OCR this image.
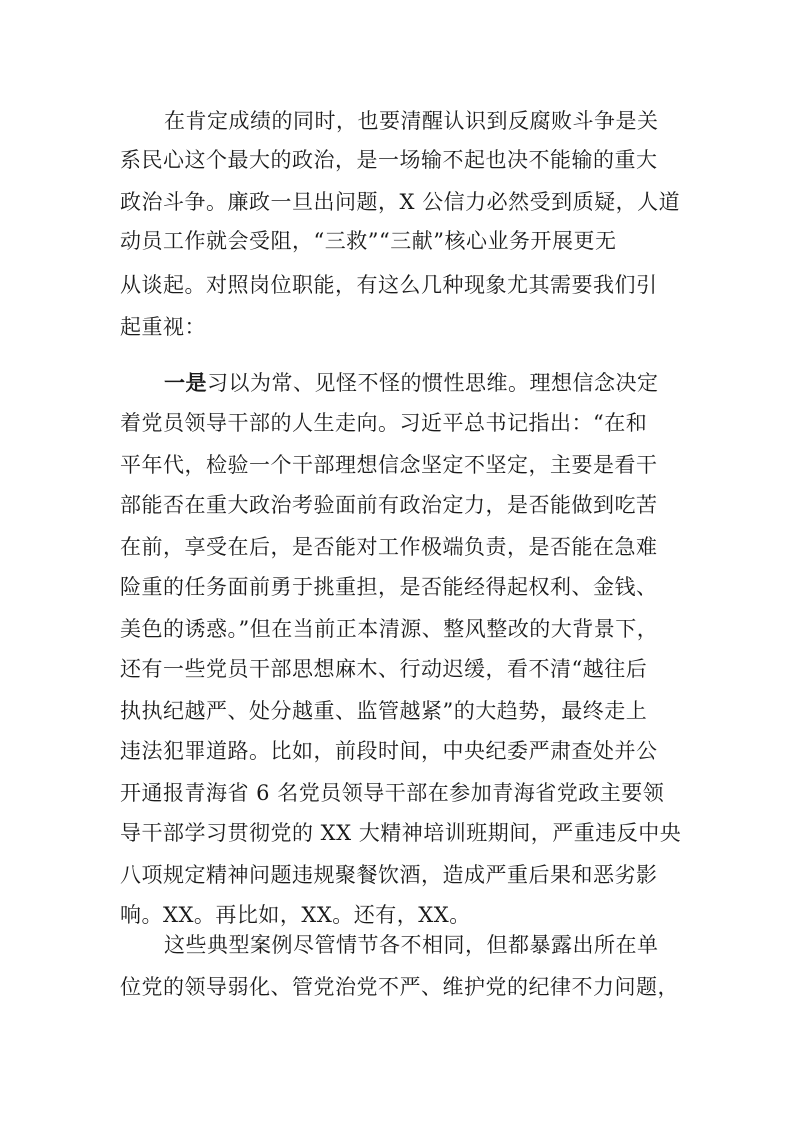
在肯定成绩的同时，也要清醒认识到反腐败斗争是关
系民心这个最大的政治，是一场输不起也决不能输的重大
政治斗争。廉政一旦出问题，X 公信力必然受到质疑，人道
动员工作就会受阻，“三救”“三献”核心业务开展更无
从谈起。对照岗位职能，有这么几种现象尤其需要我们引
起重视：
一是习以为常、见怪不怪的惯性思维。理想信念决定
着党员领导干部的人生走向。习近平总书记指出：“在和
平年代，检验一个干部理想信念坚定不坚定，主要是看干
部能否在重大政治考验面前有政治定力，是否能做到吃苦
在前，享受在后，是否能对工作极端负责，是否能在急难
险重的任务面前勇于挑重担，是否能经得起权利、金钱、
美色的诱惑。”但在当前正本清源、整风整改的大背景下，
还有一些党员干部思想麻木、行动迟缓，看不清“越往后
执执纪越严、处分越重、监管越紧”的大趋势，最终走上
违法犯罪道路。比如，前段时间，中央纪委严肃查处并公
开通报青海省 6 名党员领导干部在参加青海省党政主要领
导干部学习贯彻党的 XX 大精神培训班期间，严重违反中央
八项规定精神问题违规聚餐饮酒，造成严重后果和恶劣影
响。XX。再比如，XX。还有，XX。
这些典型案例尽管情节各不相同，但都暴露出所在单
位党的领导弱化、管党治党不严、维护党的纪律不力问题，
